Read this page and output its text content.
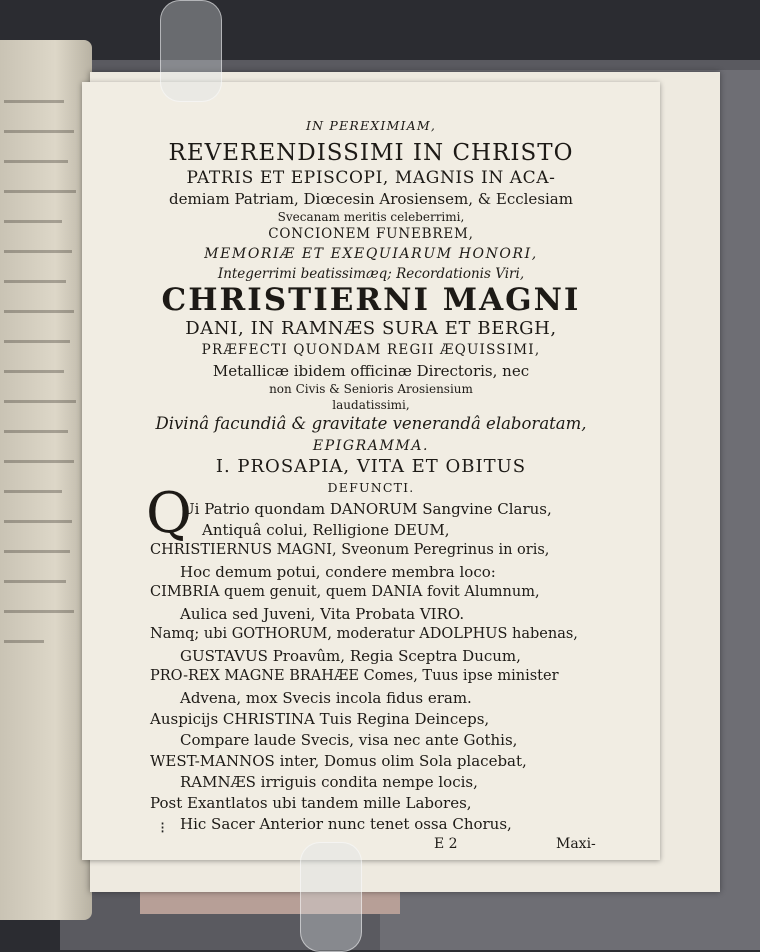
IN PEREXIMIAM,
REVERENDISSIMI IN CHRISTO
PATRIS ET EPISCOPI, MAGNIS IN ACA-
demiam Patriam, Diœcesin Arosiensem, & Ecclesiam
Svecanam meritis celeberrimi,
CONCIONEM FUNEBREM,
MEMORIÆ ET EXEQUIARUM HONORI,
Integerrimi beatissimæq; Recordationis Viri,
CHRISTIERNI MAGNI
DANI, IN RAMNÆS SURA ET BERGH,
PRÆFECTI QUONDAM REGII ÆQUISSIMI,
Metallicæ ibidem officinæ Directoris, nec
non Civis & Senioris Arosiensium
laudatissimi,
Divinâ facundiâ & gravitate venerandâ elaboratam,
EPIGRAMMA.
I. PROSAPIA, VITA ET OBITUS
DEFUNCTI.
Q
Ui Patrio quondam DANORUM Sangvine Clarus,
Antiquâ colui, Relligione DEUM,
CHRISTIERNUS MAGNI, Sveonum Peregrinus in oris,
Hoc demum potui, condere membra loco:
CIMBRIA quem genuit, quem DANIA fovit Alumnum,
Aulica sed Juveni, Vita Probata VIRO.
Namq; ubi GOTHORUM, moderatur ADOLPHUS habenas,
GUSTAVUS Proavûm, Regia Sceptra Ducum,
PRO-REX MAGNE BRAHÆE Comes, Tuus ipse minister
Advena, mox Svecis incola fidus eram.
Auspicijs CHRISTINA Tuis Regina Deinceps,
Compare laude Svecis, visa nec ante Gothis,
WEST-MANNOS inter, Domus olim Sola placebat,
RAMNÆS irriguis condita nempe locis,
Post Exantlatos ubi tandem mille Labores,
Hic Sacer Anterior nunc tenet ossa Chorus,
E 2	Maxi-
⁝
